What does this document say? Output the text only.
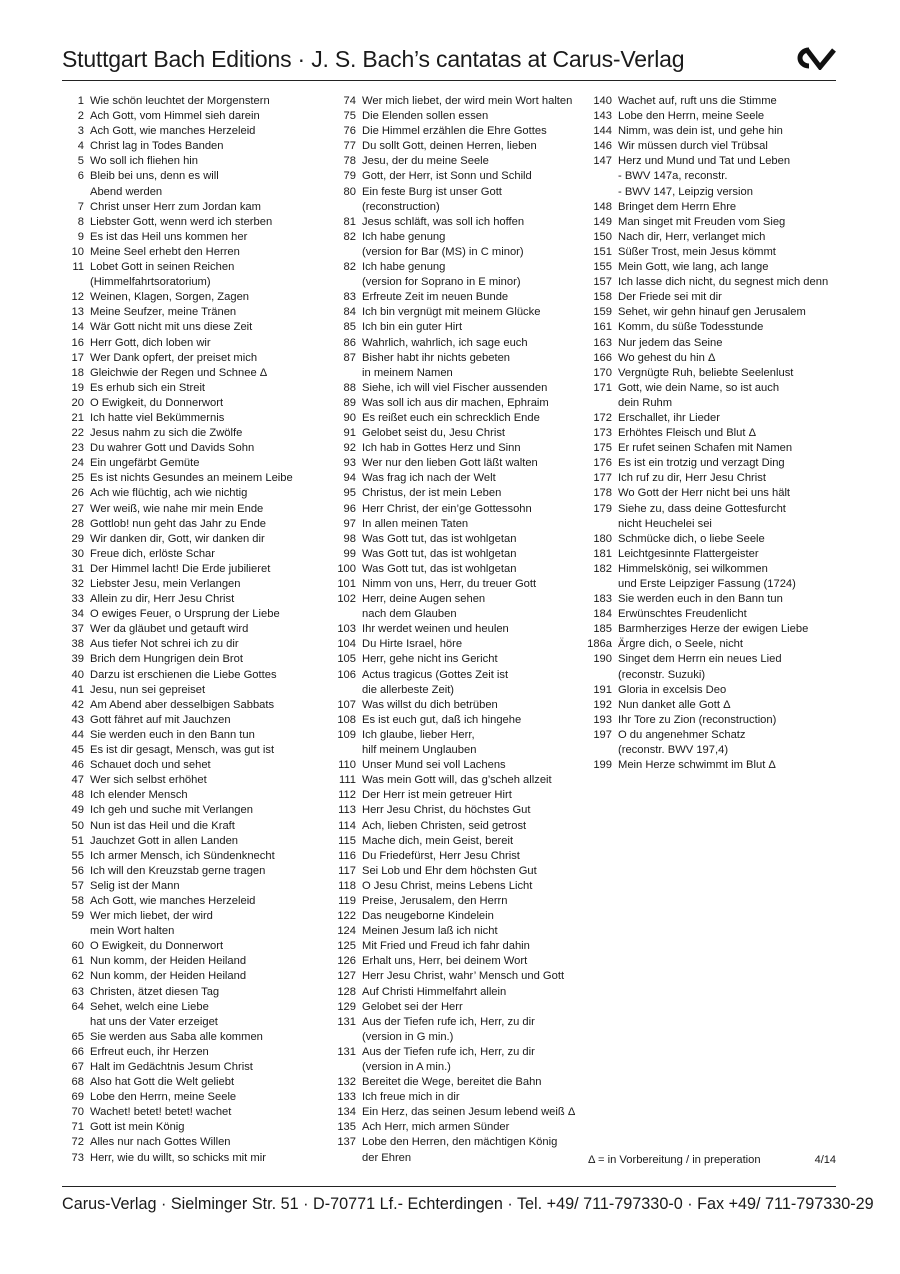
Stuttgart Bach Editions · J. S. Bach’s cantatas at Carus-Verlag
1 Wie schön leuchtet der Morgenstern
2 Ach Gott, vom Himmel sieh darein
3 Ach Gott, wie manches Herzeleid
4 Christ lag in Todes Banden
5 Wo soll ich fliehen hin
6 Bleib bei uns, denn es will
Abend werden
7 Christ unser Herr zum Jordan kam
8 Liebster Gott, wenn werd ich sterben
9 Es ist das Heil uns kommen her
10 Meine Seel erhebt den Herren
11 Lobet Gott in seinen Reichen
(Himmelfahrtsoratorium)
12 Weinen, Klagen, Sorgen, Zagen
13 Meine Seufzer, meine Tränen
14 Wär Gott nicht mit uns diese Zeit
16 Herr Gott, dich loben wir
17 Wer Dank opfert, der preiset mich
18 Gleichwie der Regen und Schnee Δ
19 Es erhub sich ein Streit
20 O Ewigkeit, du Donnerwort
21 Ich hatte viel Bekümmernis
22 Jesus nahm zu sich die Zwölfe
23 Du wahrer Gott und Davids Sohn
24 Ein ungefärbt Gemüte
25 Es ist nichts Gesundes an meinem Leibe
26 Ach wie flüchtig, ach wie nichtig
27 Wer weiß, wie nahe mir mein Ende
28 Gottlob! nun geht das Jahr zu Ende
29 Wir danken dir, Gott, wir danken dir
30 Freue dich, erlöste Schar
31 Der Himmel lacht! Die Erde jubilieret
32 Liebster Jesu, mein Verlangen
33 Allein zu dir, Herr Jesu Christ
34 O ewiges Feuer, o Ursprung der Liebe
37 Wer da gläubet und getauft wird
38 Aus tiefer Not schrei ich zu dir
39 Brich dem Hungrigen dein Brot
40 Darzu ist erschienen die Liebe Gottes
41 Jesu, nun sei gepreiset
42 Am Abend aber desselbigen Sabbats
43 Gott fähret auf mit Jauchzen
44 Sie werden euch in den Bann tun
45 Es ist dir gesagt, Mensch, was gut ist
46 Schauet doch und sehet
47 Wer sich selbst erhöhet
48 Ich elender Mensch
49 Ich geh und suche mit Verlangen
50 Nun ist das Heil und die Kraft
51 Jauchzet Gott in allen Landen
55 Ich armer Mensch, ich Sündenknecht
56 Ich will den Kreuzstab gerne tragen
57 Selig ist der Mann
58 Ach Gott, wie manches Herzeleid
59 Wer mich liebet, der wird
mein Wort halten
60 O Ewigkeit, du Donnerwort
61 Nun komm, der Heiden Heiland
62 Nun komm, der Heiden Heiland
63 Christen, ätzet diesen Tag
64 Sehet, welch eine Liebe
hat uns der Vater erzeiget
65 Sie werden aus Saba alle kommen
66 Erfreut euch, ihr Herzen
67 Halt im Gedächtnis Jesum Christ
68 Also hat Gott die Welt geliebt
69 Lobe den Herrn, meine Seele
70 Wachet! betet! betet! wachet
71 Gott ist mein König
72 Alles nur nach Gottes Willen
73 Herr, wie du willt, so schicks mit mir
74 Wer mich liebet, der wird mein Wort halten
75 Die Elenden sollen essen
76 Die Himmel erzählen die Ehre Gottes
77 Du sollt Gott, deinen Herren, lieben
78 Jesu, der du meine Seele
79 Gott, der Herr, ist Sonn und Schild
80 Ein feste Burg ist unser Gott
(reconstruction)
81 Jesus schläft, was soll ich hoffen
82 Ich habe genung
(version for Bar (MS) in C minor)
82 Ich habe genung
(version for Soprano in E minor)
83 Erfreute Zeit im neuen Bunde
84 Ich bin vergnügt mit meinem Glücke
85 Ich bin ein guter Hirt
86 Wahrlich, wahrlich, ich sage euch
87 Bisher habt ihr nichts gebeten
in meinem Namen
88 Siehe, ich will viel Fischer aussenden
89 Was soll ich aus dir machen, Ephraim
90 Es reißet euch ein schrecklich Ende
91 Gelobet seist du, Jesu Christ
92 Ich hab in Gottes Herz und Sinn
93 Wer nur den lieben Gott läßt walten
94 Was frag ich nach der Welt
95 Christus, der ist mein Leben
96 Herr Christ, der ein’ge Gottessohn
97 In allen meinen Taten
98 Was Gott tut, das ist wohlgetan
99 Was Gott tut, das ist wohlgetan
100 Was Gott tut, das ist wohlgetan
101 Nimm von uns, Herr, du treuer Gott
102 Herr, deine Augen sehen
nach dem Glauben
103 Ihr werdet weinen und heulen
104 Du Hirte Israel, höre
105 Herr, gehe nicht ins Gericht
106 Actus tragicus (Gottes Zeit ist
die allerbeste Zeit)
107 Was willst du dich betrüben
108 Es ist euch gut, daß ich hingehe
109 Ich glaube, lieber Herr,
hilf meinem Unglauben
110 Unser Mund sei voll Lachens
111 Was mein Gott will, das g’scheh allzeit
112 Der Herr ist mein getreuer Hirt
113 Herr Jesu Christ, du höchstes Gut
114 Ach, lieben Christen, seid getrost
115 Mache dich, mein Geist, bereit
116 Du Friedefürst, Herr Jesu Christ
117 Sei Lob und Ehr dem höchsten Gut
118 O Jesu Christ, meins Lebens Licht
119 Preise, Jerusalem, den Herrn
122 Das neugeborne Kindelein
124 Meinen Jesum laß ich nicht
125 Mit Fried und Freud ich fahr dahin
126 Erhalt uns, Herr, bei deinem Wort
127 Herr Jesu Christ, wahr’ Mensch und Gott
128 Auf Christi Himmelfahrt allein
129 Gelobet sei der Herr
131 Aus der Tiefen rufe ich, Herr, zu dir
(version in G min.)
131 Aus der Tiefen rufe ich, Herr, zu dir
(version in A min.)
132 Bereitet die Wege, bereitet die Bahn
133 Ich freue mich in dir
134 Ein Herz, das seinen Jesum lebend weiß Δ
135 Ach Herr, mich armen Sünder
137 Lobe den Herren, den mächtigen König
der Ehren
140 Wachet auf, ruft uns die Stimme
143 Lobe den Herrn, meine Seele
144 Nimm, was dein ist, und gehe hin
146 Wir müssen durch viel Trübsal
147 Herz und Mund und Tat und Leben
- BWV 147a, reconstr.
- BWV 147, Leipzig version
148 Bringet dem Herrn Ehre
149 Man singet mit Freuden vom Sieg
150 Nach dir, Herr, verlanget mich
151 Süßer Trost, mein Jesus kömmt
155 Mein Gott, wie lang, ach lange
157 Ich lasse dich nicht, du segnest mich denn
158 Der Friede sei mit dir
159 Sehet, wir gehn hinauf gen Jerusalem
161 Komm, du süße Todesstunde
163 Nur jedem das Seine
166 Wo gehest du hin Δ
170 Vergnügte Ruh, beliebte Seelenlust
171 Gott, wie dein Name, so ist auch
dein Ruhm
172 Erschallet, ihr Lieder
173 Erhöhtes Fleisch und Blut Δ
175 Er rufet seinen Schafen mit Namen
176 Es ist ein trotzig und verzagt Ding
177 Ich ruf zu dir, Herr Jesu Christ
178 Wo Gott der Herr nicht bei uns hält
179 Siehe zu, dass deine Gottesfurcht
nicht Heuchelei sei
180 Schmücke dich, o liebe Seele
181 Leichtgesinnte Flattergeister
182 Himmelskönig, sei wilkommen
und Erste Leipziger Fassung (1724)
183 Sie werden euch in den Bann tun
184 Erwünschtes Freudenlicht
185 Barmherziges Herze der ewigen Liebe
186a Ärgre dich, o Seele, nicht
190 Singet dem Herrn ein neues Lied
(reconstr. Suzuki)
191 Gloria in excelsis Deo
192 Nun danket alle Gott Δ
193 Ihr Tore zu Zion (reconstruction)
197 O du angenehmer Schatz
(reconstr. BWV 197,4)
199 Mein Herze schwimmt im Blut Δ
Δ = in Vorbereitung / in preperation	4/14
Carus-Verlag · Sielminger Str. 51 · D-70771 Lf.- Echterdingen · Tel. +49/ 711-797330-0 · Fax +49/ 711-797330-29
